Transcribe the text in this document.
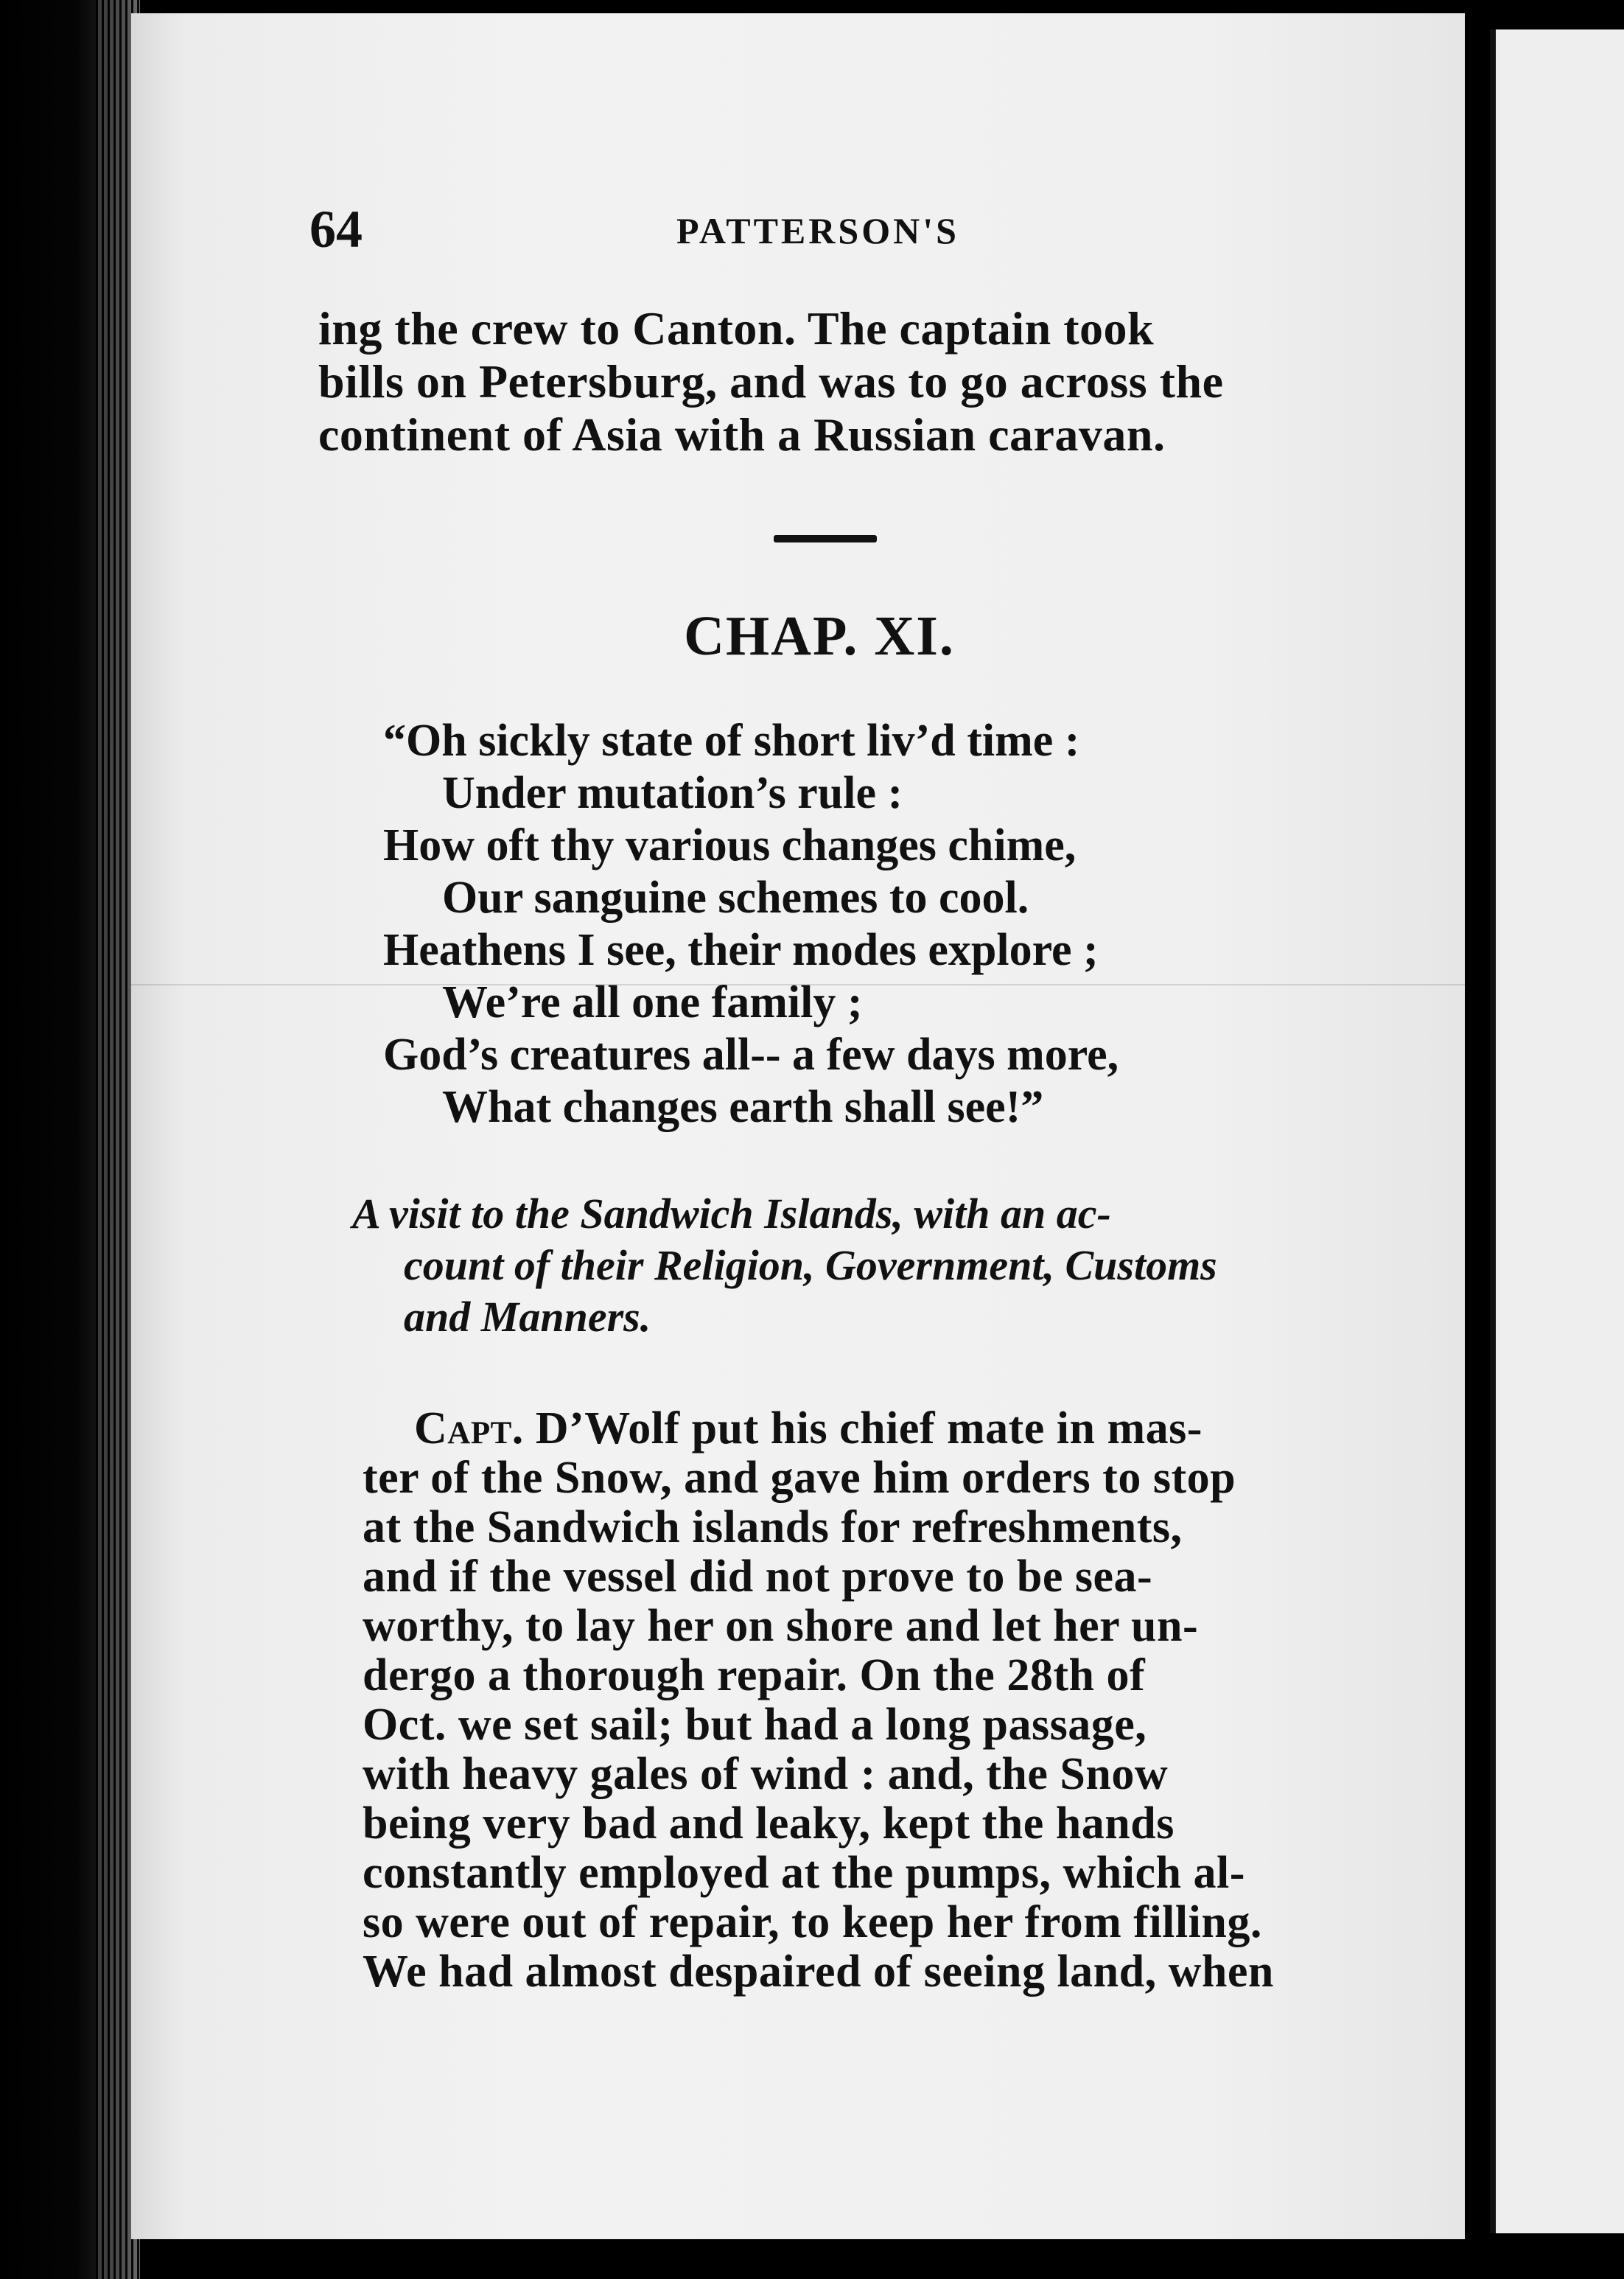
64	PATTERSON'S
ing the crew to Canton. The captain took
bills on Petersburg, and was to go across the
continent of Asia with a Russian caravan.
CHAP. XI.
“Oh sickly state of short liv’d time :
Under mutation’s rule :
How oft thy various changes chime,
Our sanguine schemes to cool.
Heathens I see, their modes explore ;
We’re all one family ;
God’s creatures all-- a few days more,
What changes earth shall see!”
A visit to the Sandwich Islands, with an ac-
count of their Religion, Government, Customs
and Manners.
Capt. D’Wolf put his chief mate in mas-
ter of the Snow, and gave him orders to stop
at the Sandwich islands for refreshments,
and if the vessel did not prove to be sea-
worthy, to lay her on shore and let her un-
dergo a thorough repair. On the 28th of
Oct. we set sail; but had a long passage,
with heavy gales of wind : and, the Snow
being very bad and leaky, kept the hands
constantly employed at the pumps, which al-
so were out of repair, to keep her from filling.
We had almost despaired of seeing land, when
